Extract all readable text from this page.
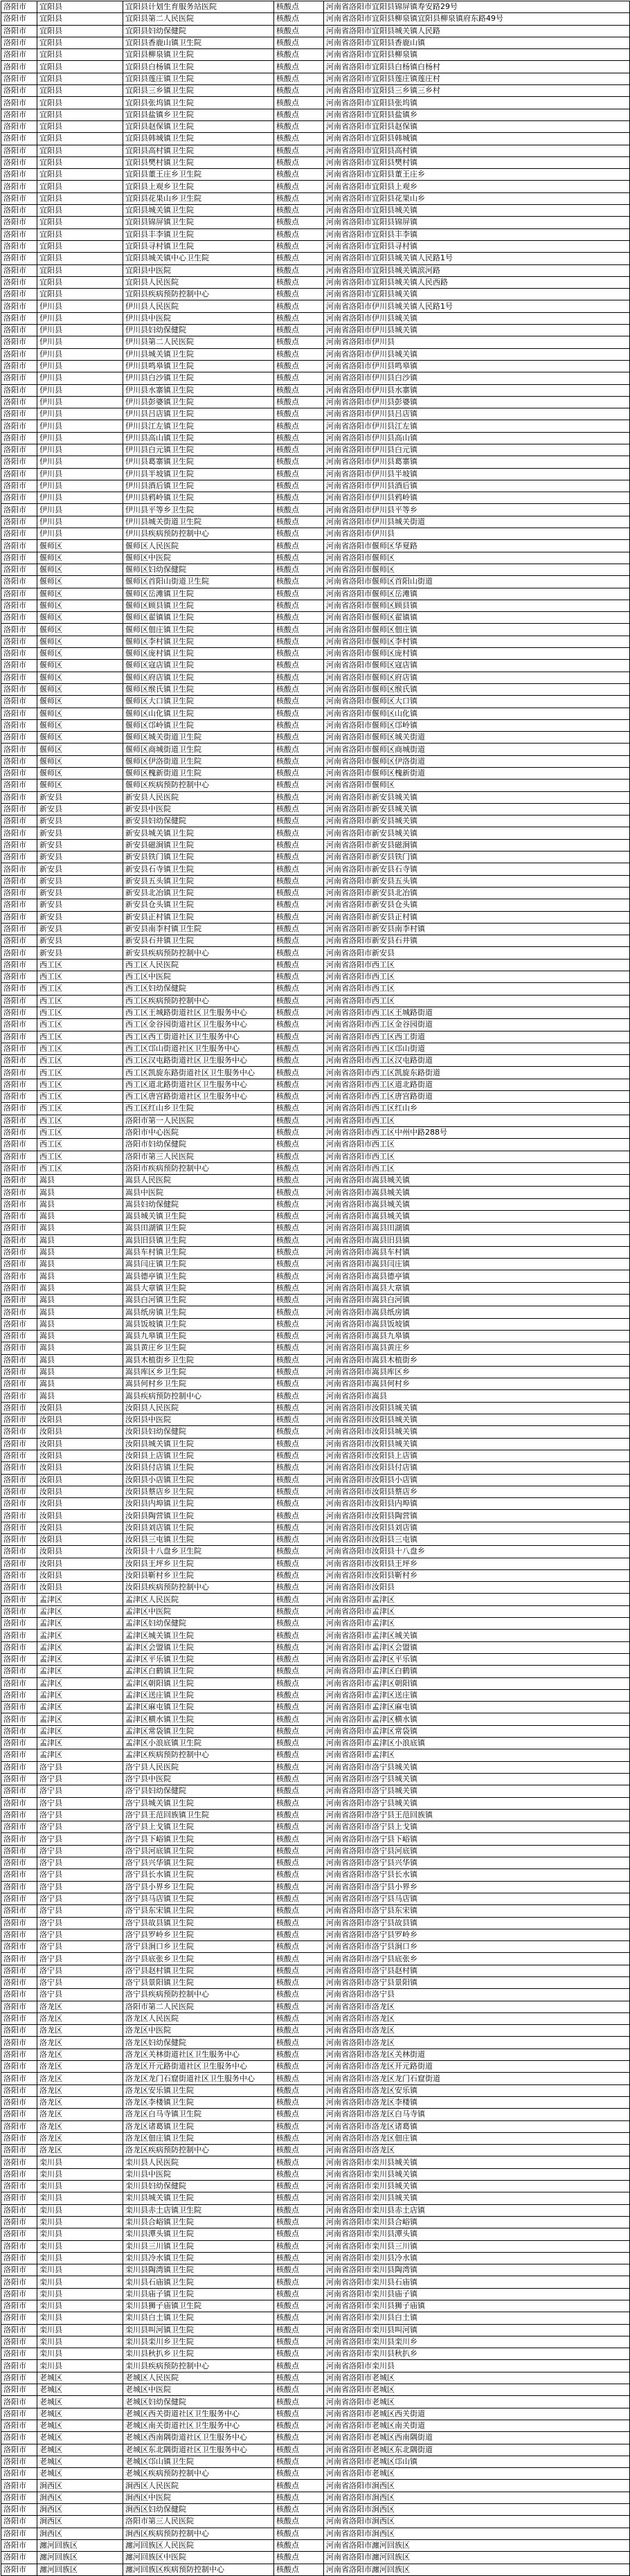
洛阳市	宜阳县	宜阳县计划生育服务站医院	核酸点	河南省洛阳市宜阳县锦屏镇寿安路29号
洛阳市	宜阳县	宜阳县第二人民医院	核酸点	河南省洛阳市宜阳县柳泉镇宜阳县柳泉镇府东路49号
洛阳市	宜阳县	宜阳县妇幼保健院	核酸点	河南省洛阳市宜阳县城关镇人民路
洛阳市	宜阳县	宜阳县香鹿山镇卫生院	核酸点	河南省洛阳市宜阳县香鹿山镇
洛阳市	宜阳县	宜阳县柳泉镇卫生院	核酸点	河南省洛阳市宜阳县柳泉镇
洛阳市	宜阳县	宜阳县白杨镇卫生院	核酸点	河南省洛阳市宜阳县白杨镇白杨村
洛阳市	宜阳县	宜阳县莲庄镇卫生院	核酸点	河南省洛阳市宜阳县莲庄镇莲庄村
洛阳市	宜阳县	宜阳县三乡镇卫生院	核酸点	河南省洛阳市宜阳县三乡镇三乡村
洛阳市	宜阳县	宜阳县张坞镇卫生院	核酸点	河南省洛阳市宜阳县张坞镇
洛阳市	宜阳县	宜阳县盐镇乡卫生院	核酸点	河南省洛阳市宜阳县盐镇乡
洛阳市	宜阳县	宜阳县赵保镇卫生院	核酸点	河南省洛阳市宜阳县赵保镇
洛阳市	宜阳县	宜阳县韩城镇卫生院	核酸点	河南省洛阳市宜阳县韩城镇
洛阳市	宜阳县	宜阳县高村镇卫生院	核酸点	河南省洛阳市宜阳县高村镇
洛阳市	宜阳县	宜阳县樊村镇卫生院	核酸点	河南省洛阳市宜阳县樊村镇
洛阳市	宜阳县	宜阳县董王庄乡卫生院	核酸点	河南省洛阳市宜阳县董王庄乡
洛阳市	宜阳县	宜阳县上观乡卫生院	核酸点	河南省洛阳市宜阳县上观乡
洛阳市	宜阳县	宜阳县花果山乡卫生院	核酸点	河南省洛阳市宜阳县花果山乡
洛阳市	宜阳县	宜阳县城关镇卫生院	核酸点	河南省洛阳市宜阳县城关镇
洛阳市	宜阳县	宜阳县锦屏镇卫生院	核酸点	河南省洛阳市宜阳县锦屏镇
洛阳市	宜阳县	宜阳县丰李镇卫生院	核酸点	河南省洛阳市宜阳县丰李镇
洛阳市	宜阳县	宜阳县寻村镇卫生院	核酸点	河南省洛阳市宜阳县寻村镇
洛阳市	宜阳县	宜阳县城关镇中心卫生院	核酸点	河南省洛阳市宜阳县城关镇人民路1号
洛阳市	宜阳县	宜阳县中医院	核酸点	河南省洛阳市宜阳县城关镇滨河路
洛阳市	宜阳县	宜阳县人民医院	核酸点	河南省洛阳市宜阳县城关镇人民西路
洛阳市	宜阳县	宜阳县疾病预防控制中心	核酸点	河南省洛阳市宜阳县城关镇
洛阳市	伊川县	伊川县人民医院	核酸点	河南省洛阳市伊川县城关镇人民路1号
洛阳市	伊川县	伊川县中医院	核酸点	河南省洛阳市伊川县城关镇
洛阳市	伊川县	伊川县妇幼保健院	核酸点	河南省洛阳市伊川县城关镇
洛阳市	伊川县	伊川县第二人民医院	核酸点	河南省洛阳市伊川县
洛阳市	伊川县	伊川县城关镇卫生院	核酸点	河南省洛阳市伊川县城关镇
洛阳市	伊川县	伊川县鸣皋镇卫生院	核酸点	河南省洛阳市伊川县鸣皋镇
洛阳市	伊川县	伊川县白沙镇卫生院	核酸点	河南省洛阳市伊川县白沙镇
洛阳市	伊川县	伊川县水寨镇卫生院	核酸点	河南省洛阳市伊川县水寨镇
洛阳市	伊川县	伊川县彭婆镇卫生院	核酸点	河南省洛阳市伊川县彭婆镇
洛阳市	伊川县	伊川县吕店镇卫生院	核酸点	河南省洛阳市伊川县吕店镇
洛阳市	伊川县	伊川县江左镇卫生院	核酸点	河南省洛阳市伊川县江左镇
洛阳市	伊川县	伊川县高山镇卫生院	核酸点	河南省洛阳市伊川县高山镇
洛阳市	伊川县	伊川县白元镇卫生院	核酸点	河南省洛阳市伊川县白元镇
洛阳市	伊川县	伊川县葛寨镇卫生院	核酸点	河南省洛阳市伊川县葛寨镇
洛阳市	伊川县	伊川县半坡镇卫生院	核酸点	河南省洛阳市伊川县半坡镇
洛阳市	伊川县	伊川县酒后镇卫生院	核酸点	河南省洛阳市伊川县酒后镇
洛阳市	伊川县	伊川县鸦岭镇卫生院	核酸点	河南省洛阳市伊川县鸦岭镇
洛阳市	伊川县	伊川县平等乡卫生院	核酸点	河南省洛阳市伊川县平等乡
洛阳市	伊川县	伊川县城关街道卫生院	核酸点	河南省洛阳市伊川县城关街道
洛阳市	伊川县	伊川县疾病预防控制中心	核酸点	河南省洛阳市伊川县
洛阳市	偃师区	偃师区人民医院	核酸点	河南省洛阳市偃师区华夏路
洛阳市	偃师区	偃师区中医院	核酸点	河南省洛阳市偃师区
洛阳市	偃师区	偃师区妇幼保健院	核酸点	河南省洛阳市偃师区
洛阳市	偃师区	偃师区首阳山街道卫生院	核酸点	河南省洛阳市偃师区首阳山街道
洛阳市	偃师区	偃师区岳滩镇卫生院	核酸点	河南省洛阳市偃师区岳滩镇
洛阳市	偃师区	偃师区顾县镇卫生院	核酸点	河南省洛阳市偃师区顾县镇
洛阳市	偃师区	偃师区翟镇镇卫生院	核酸点	河南省洛阳市偃师区翟镇镇
洛阳市	偃师区	偃师区佃庄镇卫生院	核酸点	河南省洛阳市偃师区佃庄镇
洛阳市	偃师区	偃师区李村镇卫生院	核酸点	河南省洛阳市偃师区李村镇
洛阳市	偃师区	偃师区庞村镇卫生院	核酸点	河南省洛阳市偃师区庞村镇
洛阳市	偃师区	偃师区寇店镇卫生院	核酸点	河南省洛阳市偃师区寇店镇
洛阳市	偃师区	偃师区府店镇卫生院	核酸点	河南省洛阳市偃师区府店镇
洛阳市	偃师区	偃师区缑氏镇卫生院	核酸点	河南省洛阳市偃师区缑氏镇
洛阳市	偃师区	偃师区大口镇卫生院	核酸点	河南省洛阳市偃师区大口镇
洛阳市	偃师区	偃师区山化镇卫生院	核酸点	河南省洛阳市偃师区山化镇
洛阳市	偃师区	偃师区邙岭镇卫生院	核酸点	河南省洛阳市偃师区邙岭镇
洛阳市	偃师区	偃师区城关街道卫生院	核酸点	河南省洛阳市偃师区城关街道
洛阳市	偃师区	偃师区商城街道卫生院	核酸点	河南省洛阳市偃师区商城街道
洛阳市	偃师区	偃师区伊洛街道卫生院	核酸点	河南省洛阳市偃师区伊洛街道
洛阳市	偃师区	偃师区槐新街道卫生院	核酸点	河南省洛阳市偃师区槐新街道
洛阳市	偃师区	偃师区疾病预防控制中心	核酸点	河南省洛阳市偃师区
洛阳市	新安县	新安县人民医院	核酸点	河南省洛阳市新安县城关镇
洛阳市	新安县	新安县中医院	核酸点	河南省洛阳市新安县城关镇
洛阳市	新安县	新安县妇幼保健院	核酸点	河南省洛阳市新安县城关镇
洛阳市	新安县	新安县城关镇卫生院	核酸点	河南省洛阳市新安县城关镇
洛阳市	新安县	新安县磁涧镇卫生院	核酸点	河南省洛阳市新安县磁涧镇
洛阳市	新安县	新安县铁门镇卫生院	核酸点	河南省洛阳市新安县铁门镇
洛阳市	新安县	新安县石寺镇卫生院	核酸点	河南省洛阳市新安县石寺镇
洛阳市	新安县	新安县五头镇卫生院	核酸点	河南省洛阳市新安县五头镇
洛阳市	新安县	新安县北冶镇卫生院	核酸点	河南省洛阳市新安县北冶镇
洛阳市	新安县	新安县仓头镇卫生院	核酸点	河南省洛阳市新安县仓头镇
洛阳市	新安县	新安县正村镇卫生院	核酸点	河南省洛阳市新安县正村镇
洛阳市	新安县	新安县南李村镇卫生院	核酸点	河南省洛阳市新安县南李村镇
洛阳市	新安县	新安县石井镇卫生院	核酸点	河南省洛阳市新安县石井镇
洛阳市	新安县	新安县疾病预防控制中心	核酸点	河南省洛阳市新安县
洛阳市	西工区	西工区人民医院	核酸点	河南省洛阳市西工区
洛阳市	西工区	西工区中医院	核酸点	河南省洛阳市西工区
洛阳市	西工区	西工区妇幼保健院	核酸点	河南省洛阳市西工区
洛阳市	西工区	西工区疾病预防控制中心	核酸点	河南省洛阳市西工区
洛阳市	西工区	西工区王城路街道社区卫生服务中心	核酸点	河南省洛阳市西工区王城路街道
洛阳市	西工区	西工区金谷园街道社区卫生服务中心	核酸点	河南省洛阳市西工区金谷园街道
洛阳市	西工区	西工区西工街道社区卫生服务中心	核酸点	河南省洛阳市西工区西工街道
洛阳市	西工区	西工区邙山街道社区卫生服务中心	核酸点	河南省洛阳市西工区邙山街道
洛阳市	西工区	西工区汉屯路街道社区卫生服务中心	核酸点	河南省洛阳市西工区汉屯路街道
洛阳市	西工区	西工区凯旋东路街道社区卫生服务中心	核酸点	河南省洛阳市西工区凯旋东路街道
洛阳市	西工区	西工区道北路街道社区卫生服务中心	核酸点	河南省洛阳市西工区道北路街道
洛阳市	西工区	西工区唐宫路街道社区卫生服务中心	核酸点	河南省洛阳市西工区唐宫路街道
洛阳市	西工区	西工区红山乡卫生院	核酸点	河南省洛阳市西工区红山乡
洛阳市	西工区	洛阳市第一人民医院	核酸点	河南省洛阳市西工区
洛阳市	西工区	洛阳市中心医院	核酸点	河南省洛阳市西工区中州中路288号
洛阳市	西工区	洛阳市妇幼保健院	核酸点	河南省洛阳市西工区
洛阳市	西工区	洛阳市第三人民医院	核酸点	河南省洛阳市西工区
洛阳市	西工区	洛阳市疾病预防控制中心	核酸点	河南省洛阳市西工区
洛阳市	嵩县	嵩县人民医院	核酸点	河南省洛阳市嵩县城关镇
洛阳市	嵩县	嵩县中医院	核酸点	河南省洛阳市嵩县城关镇
洛阳市	嵩县	嵩县妇幼保健院	核酸点	河南省洛阳市嵩县城关镇
洛阳市	嵩县	嵩县城关镇卫生院	核酸点	河南省洛阳市嵩县城关镇
洛阳市	嵩县	嵩县田湖镇卫生院	核酸点	河南省洛阳市嵩县田湖镇
洛阳市	嵩县	嵩县旧县镇卫生院	核酸点	河南省洛阳市嵩县旧县镇
洛阳市	嵩县	嵩县车村镇卫生院	核酸点	河南省洛阳市嵩县车村镇
洛阳市	嵩县	嵩县闫庄镇卫生院	核酸点	河南省洛阳市嵩县闫庄镇
洛阳市	嵩县	嵩县德亭镇卫生院	核酸点	河南省洛阳市嵩县德亭镇
洛阳市	嵩县	嵩县大章镇卫生院	核酸点	河南省洛阳市嵩县大章镇
洛阳市	嵩县	嵩县白河镇卫生院	核酸点	河南省洛阳市嵩县白河镇
洛阳市	嵩县	嵩县纸房镇卫生院	核酸点	河南省洛阳市嵩县纸房镇
洛阳市	嵩县	嵩县饭坡镇卫生院	核酸点	河南省洛阳市嵩县饭坡镇
洛阳市	嵩县	嵩县九皋镇卫生院	核酸点	河南省洛阳市嵩县九皋镇
洛阳市	嵩县	嵩县黄庄乡卫生院	核酸点	河南省洛阳市嵩县黄庄乡
洛阳市	嵩县	嵩县木植街乡卫生院	核酸点	河南省洛阳市嵩县木植街乡
洛阳市	嵩县	嵩县库区乡卫生院	核酸点	河南省洛阳市嵩县库区乡
洛阳市	嵩县	嵩县何村乡卫生院	核酸点	河南省洛阳市嵩县何村乡
洛阳市	嵩县	嵩县疾病预防控制中心	核酸点	河南省洛阳市嵩县
洛阳市	汝阳县	汝阳县人民医院	核酸点	河南省洛阳市汝阳县城关镇
洛阳市	汝阳县	汝阳县中医院	核酸点	河南省洛阳市汝阳县城关镇
洛阳市	汝阳县	汝阳县妇幼保健院	核酸点	河南省洛阳市汝阳县城关镇
洛阳市	汝阳县	汝阳县城关镇卫生院	核酸点	河南省洛阳市汝阳县城关镇
洛阳市	汝阳县	汝阳县上店镇卫生院	核酸点	河南省洛阳市汝阳县上店镇
洛阳市	汝阳县	汝阳县付店镇卫生院	核酸点	河南省洛阳市汝阳县付店镇
洛阳市	汝阳县	汝阳县小店镇卫生院	核酸点	河南省洛阳市汝阳县小店镇
洛阳市	汝阳县	汝阳县蔡店乡卫生院	核酸点	河南省洛阳市汝阳县蔡店乡
洛阳市	汝阳县	汝阳县内埠镇卫生院	核酸点	河南省洛阳市汝阳县内埠镇
洛阳市	汝阳县	汝阳县陶营镇卫生院	核酸点	河南省洛阳市汝阳县陶营镇
洛阳市	汝阳县	汝阳县刘店镇卫生院	核酸点	河南省洛阳市汝阳县刘店镇
洛阳市	汝阳县	汝阳县三屯镇卫生院	核酸点	河南省洛阳市汝阳县三屯镇
洛阳市	汝阳县	汝阳县十八盘乡卫生院	核酸点	河南省洛阳市汝阳县十八盘乡
洛阳市	汝阳县	汝阳县王坪乡卫生院	核酸点	河南省洛阳市汝阳县王坪乡
洛阳市	汝阳县	汝阳县靳村乡卫生院	核酸点	河南省洛阳市汝阳县靳村乡
洛阳市	汝阳县	汝阳县疾病预防控制中心	核酸点	河南省洛阳市汝阳县
洛阳市	孟津区	孟津区人民医院	核酸点	河南省洛阳市孟津区
洛阳市	孟津区	孟津区中医院	核酸点	河南省洛阳市孟津区
洛阳市	孟津区	孟津区妇幼保健院	核酸点	河南省洛阳市孟津区
洛阳市	孟津区	孟津区城关镇卫生院	核酸点	河南省洛阳市孟津区城关镇
洛阳市	孟津区	孟津区会盟镇卫生院	核酸点	河南省洛阳市孟津区会盟镇
洛阳市	孟津区	孟津区平乐镇卫生院	核酸点	河南省洛阳市孟津区平乐镇
洛阳市	孟津区	孟津区白鹤镇卫生院	核酸点	河南省洛阳市孟津区白鹤镇
洛阳市	孟津区	孟津区朝阳镇卫生院	核酸点	河南省洛阳市孟津区朝阳镇
洛阳市	孟津区	孟津区送庄镇卫生院	核酸点	河南省洛阳市孟津区送庄镇
洛阳市	孟津区	孟津区麻屯镇卫生院	核酸点	河南省洛阳市孟津区麻屯镇
洛阳市	孟津区	孟津区横水镇卫生院	核酸点	河南省洛阳市孟津区横水镇
洛阳市	孟津区	孟津区常袋镇卫生院	核酸点	河南省洛阳市孟津区常袋镇
洛阳市	孟津区	孟津区小浪底镇卫生院	核酸点	河南省洛阳市孟津区小浪底镇
洛阳市	孟津区	孟津区疾病预防控制中心	核酸点	河南省洛阳市孟津区
洛阳市	洛宁县	洛宁县人民医院	核酸点	河南省洛阳市洛宁县城关镇
洛阳市	洛宁县	洛宁县中医院	核酸点	河南省洛阳市洛宁县城关镇
洛阳市	洛宁县	洛宁县妇幼保健院	核酸点	河南省洛阳市洛宁县城关镇
洛阳市	洛宁县	洛宁县城关镇卫生院	核酸点	河南省洛阳市洛宁县城关镇
洛阳市	洛宁县	洛宁县王范回族镇卫生院	核酸点	河南省洛阳市洛宁县王范回族镇
洛阳市	洛宁县	洛宁县上戈镇卫生院	核酸点	河南省洛阳市洛宁县上戈镇
洛阳市	洛宁县	洛宁县下峪镇卫生院	核酸点	河南省洛阳市洛宁县下峪镇
洛阳市	洛宁县	洛宁县河底镇卫生院	核酸点	河南省洛阳市洛宁县河底镇
洛阳市	洛宁县	洛宁县兴华镇卫生院	核酸点	河南省洛阳市洛宁县兴华镇
洛阳市	洛宁县	洛宁县长水镇卫生院	核酸点	河南省洛阳市洛宁县长水镇
洛阳市	洛宁县	洛宁县小界乡卫生院	核酸点	河南省洛阳市洛宁县小界乡
洛阳市	洛宁县	洛宁县马店镇卫生院	核酸点	河南省洛阳市洛宁县马店镇
洛阳市	洛宁县	洛宁县东宋镇卫生院	核酸点	河南省洛阳市洛宁县东宋镇
洛阳市	洛宁县	洛宁县故县镇卫生院	核酸点	河南省洛阳市洛宁县故县镇
洛阳市	洛宁县	洛宁县罗岭乡卫生院	核酸点	河南省洛阳市洛宁县罗岭乡
洛阳市	洛宁县	洛宁县涧口乡卫生院	核酸点	河南省洛阳市洛宁县涧口乡
洛阳市	洛宁县	洛宁县底张乡卫生院	核酸点	河南省洛阳市洛宁县底张乡
洛阳市	洛宁县	洛宁县赵村镇卫生院	核酸点	河南省洛阳市洛宁县赵村镇
洛阳市	洛宁县	洛宁县景阳镇卫生院	核酸点	河南省洛阳市洛宁县景阳镇
洛阳市	洛宁县	洛宁县疾病预防控制中心	核酸点	河南省洛阳市洛宁县
洛阳市	洛龙区	洛阳市第二人民医院	核酸点	河南省洛阳市洛龙区
洛阳市	洛龙区	洛龙区人民医院	核酸点	河南省洛阳市洛龙区
洛阳市	洛龙区	洛龙区中医院	核酸点	河南省洛阳市洛龙区
洛阳市	洛龙区	洛龙区妇幼保健院	核酸点	河南省洛阳市洛龙区
洛阳市	洛龙区	洛龙区关林街道社区卫生服务中心	核酸点	河南省洛阳市洛龙区关林街道
洛阳市	洛龙区	洛龙区开元路街道社区卫生服务中心	核酸点	河南省洛阳市洛龙区开元路街道
洛阳市	洛龙区	洛龙区龙门石窟街道社区卫生服务中心	核酸点	河南省洛阳市洛龙区龙门石窟街道
洛阳市	洛龙区	洛龙区安乐镇卫生院	核酸点	河南省洛阳市洛龙区安乐镇
洛阳市	洛龙区	洛龙区李楼镇卫生院	核酸点	河南省洛阳市洛龙区李楼镇
洛阳市	洛龙区	洛龙区白马寺镇卫生院	核酸点	河南省洛阳市洛龙区白马寺镇
洛阳市	洛龙区	洛龙区诸葛镇卫生院	核酸点	河南省洛阳市洛龙区诸葛镇
洛阳市	洛龙区	洛龙区佃庄镇卫生院	核酸点	河南省洛阳市洛龙区佃庄镇
洛阳市	洛龙区	洛龙区疾病预防控制中心	核酸点	河南省洛阳市洛龙区
洛阳市	栾川县	栾川县人民医院	核酸点	河南省洛阳市栾川县城关镇
洛阳市	栾川县	栾川县中医院	核酸点	河南省洛阳市栾川县城关镇
洛阳市	栾川县	栾川县妇幼保健院	核酸点	河南省洛阳市栾川县城关镇
洛阳市	栾川县	栾川县城关镇卫生院	核酸点	河南省洛阳市栾川县城关镇
洛阳市	栾川县	栾川县赤土店镇卫生院	核酸点	河南省洛阳市栾川县赤土店镇
洛阳市	栾川县	栾川县合峪镇卫生院	核酸点	河南省洛阳市栾川县合峪镇
洛阳市	栾川县	栾川县潭头镇卫生院	核酸点	河南省洛阳市栾川县潭头镇
洛阳市	栾川县	栾川县三川镇卫生院	核酸点	河南省洛阳市栾川县三川镇
洛阳市	栾川县	栾川县冷水镇卫生院	核酸点	河南省洛阳市栾川县冷水镇
洛阳市	栾川县	栾川县陶湾镇卫生院	核酸点	河南省洛阳市栾川县陶湾镇
洛阳市	栾川县	栾川县石庙镇卫生院	核酸点	河南省洛阳市栾川县石庙镇
洛阳市	栾川县	栾川县庙子镇卫生院	核酸点	河南省洛阳市栾川县庙子镇
洛阳市	栾川县	栾川县狮子庙镇卫生院	核酸点	河南省洛阳市栾川县狮子庙镇
洛阳市	栾川县	栾川县白土镇卫生院	核酸点	河南省洛阳市栾川县白土镇
洛阳市	栾川县	栾川县叫河镇卫生院	核酸点	河南省洛阳市栾川县叫河镇
洛阳市	栾川县	栾川县栾川乡卫生院	核酸点	河南省洛阳市栾川县栾川乡
洛阳市	栾川县	栾川县秋扒乡卫生院	核酸点	河南省洛阳市栾川县秋扒乡
洛阳市	栾川县	栾川县疾病预防控制中心	核酸点	河南省洛阳市栾川县
洛阳市	老城区	老城区人民医院	核酸点	河南省洛阳市老城区
洛阳市	老城区	老城区中医院	核酸点	河南省洛阳市老城区
洛阳市	老城区	老城区妇幼保健院	核酸点	河南省洛阳市老城区
洛阳市	老城区	老城区西关街道社区卫生服务中心	核酸点	河南省洛阳市老城区西关街道
洛阳市	老城区	老城区南关街道社区卫生服务中心	核酸点	河南省洛阳市老城区南关街道
洛阳市	老城区	老城区西南隅街道社区卫生服务中心	核酸点	河南省洛阳市老城区西南隅街道
洛阳市	老城区	老城区东北隅街道社区卫生服务中心	核酸点	河南省洛阳市老城区东北隅街道
洛阳市	老城区	老城区邙山镇卫生院	核酸点	河南省洛阳市老城区邙山镇
洛阳市	老城区	老城区疾病预防控制中心	核酸点	河南省洛阳市老城区
洛阳市	涧西区	涧西区人民医院	核酸点	河南省洛阳市涧西区
洛阳市	涧西区	涧西区中医院	核酸点	河南省洛阳市涧西区
洛阳市	涧西区	涧西区妇幼保健院	核酸点	河南省洛阳市涧西区
洛阳市	涧西区	洛阳市第三人民医院	核酸点	河南省洛阳市涧西区
洛阳市	涧西区	涧西区疾病预防控制中心	核酸点	河南省洛阳市涧西区
洛阳市	瀍河回族区	瀍河回族区人民医院	核酸点	河南省洛阳市瀍河回族区
洛阳市	瀍河回族区	瀍河回族区中医院	核酸点	河南省洛阳市瀍河回族区
洛阳市	瀍河回族区	瀍河回族区疾病预防控制中心	核酸点	河南省洛阳市瀍河回族区
